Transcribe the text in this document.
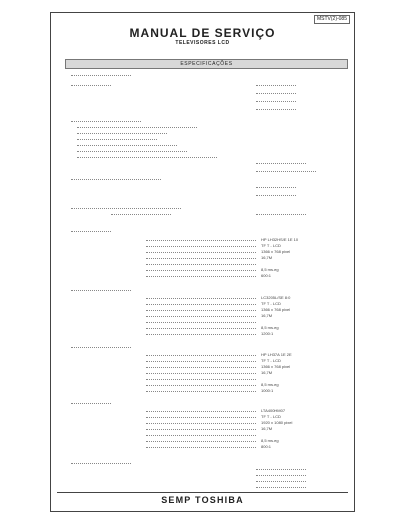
MSTV(2)-085
MANUAL DE SERVIÇO
TELEVISORES LCD
ESPECIFICAÇÕES
HP LH32HS/E 1E 10
TF T - LCD
1366 x 768 pixel
16,7M
8,5 ms.eg
600:1
LC3205L/SE 8:0
TF T - LCD
1366 x 768 pixel
16,7M
8,5 ms.eg
1200:1
HP LH37A 1E 2E
TF T - LCD
1366 x 768 pixel
16,7M
8,5 ms.eg
1000:1
LTA400HM07
TF T - LCD
1920 x 1080 pixel
16,7M
8,5 ms.eg
800:1
SEMP TOSHIBA
